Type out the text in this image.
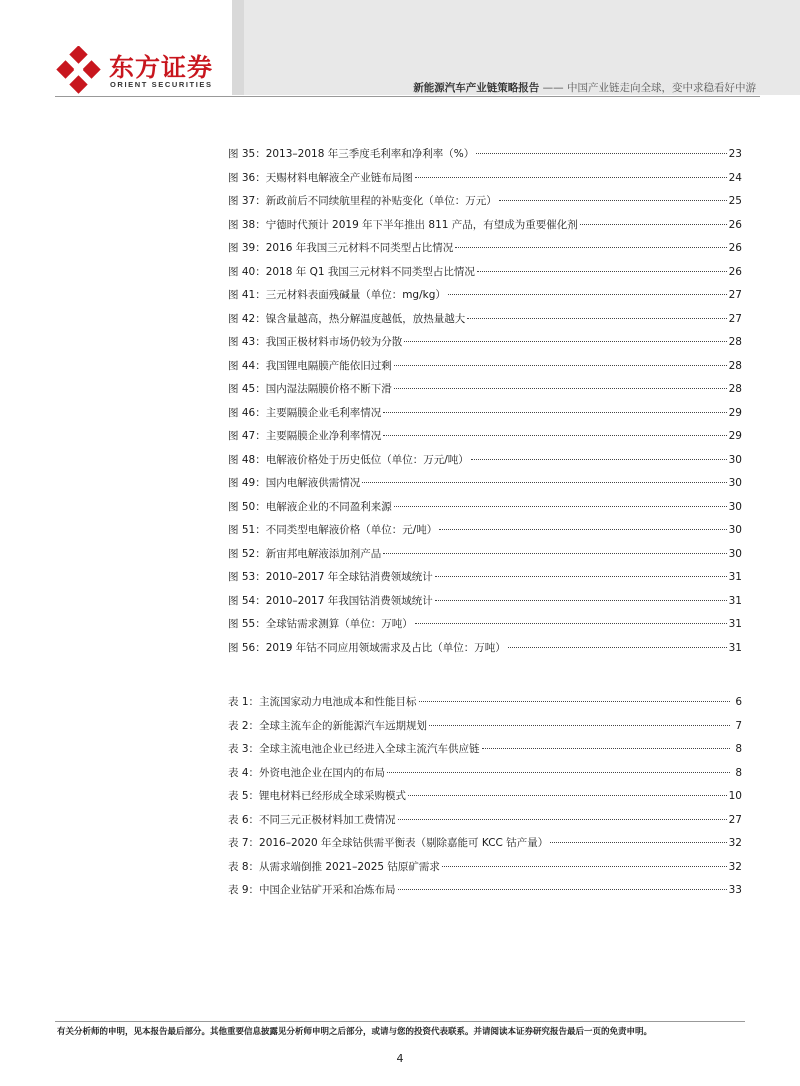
东方证券
ORIENT SECURITIES	新能源汽车产业链策略报告 —— 中国产业链走向全球，变中求稳看好中游
图 35：2013–2018 年三季度毛利率和净利率（%）	23
图 36：天赐材料电解液全产业链布局图	24
图 37：新政前后不同续航里程的补贴变化（单位：万元）	25
图 38：宁德时代预计 2019 年下半年推出 811 产品，有望成为重要催化剂	26
图 39：2016 年我国三元材料不同类型占比情况	26
图 40：2018 年 Q1 我国三元材料不同类型占比情况	26
图 41：三元材料表面残碱量（单位：mg/kg）	27
图 42：镍含量越高，热分解温度越低，放热量越大	27
图 43：我国正极材料市场仍较为分散	28
图 44：我国锂电隔膜产能依旧过剩	28
图 45：国内湿法隔膜价格不断下滑	28
图 46：主要隔膜企业毛利率情况	29
图 47：主要隔膜企业净利率情况	29
图 48：电解液价格处于历史低位（单位：万元/吨）	30
图 49：国内电解液供需情况	30
图 50：电解液企业的不同盈利来源	30
图 51：不同类型电解液价格（单位：元/吨）	30
图 52：新宙邦电解液添加剂产品	30
图 53：2010–2017 年全球钴消费领域统计	31
图 54：2010–2017 年我国钴消费领域统计	31
图 55：全球钴需求测算（单位：万吨）	31
图 56：2019 年钴不同应用领域需求及占比（单位：万吨）	31
表 1：主流国家动力电池成本和性能目标	6
表 2：全球主流车企的新能源汽车远期规划	7
表 3：全球主流电池企业已经进入全球主流汽车供应链	8
表 4：外资电池企业在国内的布局	8
表 5：锂电材料已经形成全球采购模式	10
表 6：不同三元正极材料加工费情况	27
表 7：2016–2020 年全球钴供需平衡表（剔除嘉能可 KCC 钴产量）	32
表 8：从需求端倒推 2021–2025 钴原矿需求	32
表 9：中国企业钴矿开采和冶炼布局	33
有关分析师的申明，见本报告最后部分。其他重要信息披露见分析师申明之后部分，或请与您的投资代表联系。并请阅读本证券研究报告最后一页的免责申明。
4
